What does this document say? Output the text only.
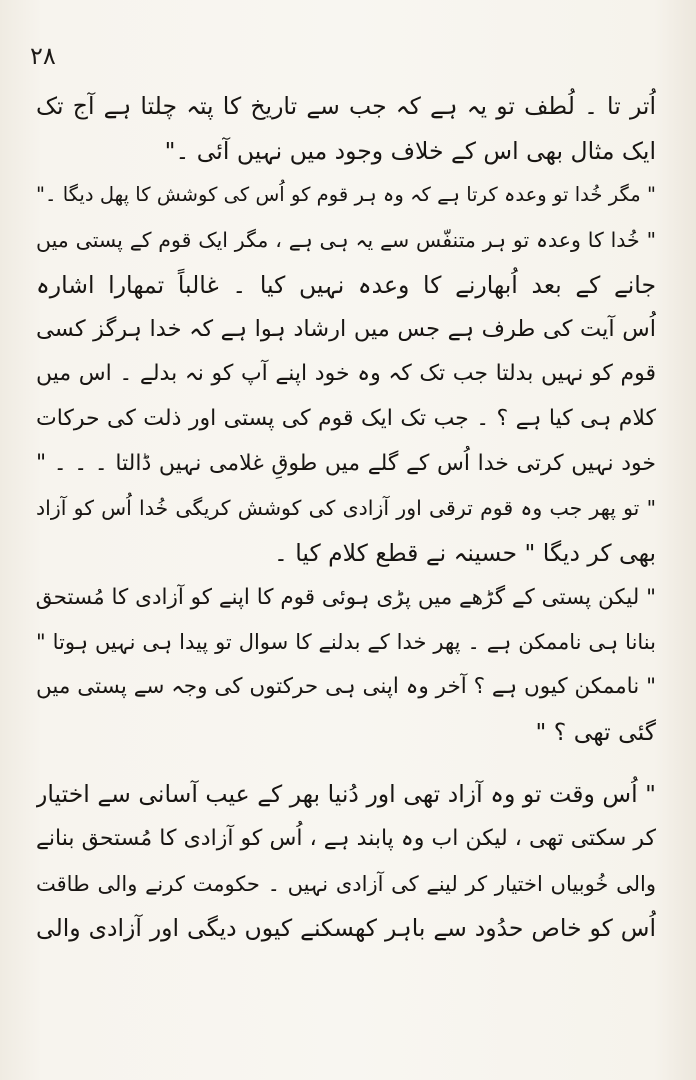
۲۸
اُتر تا ۔ لُطف تو یہ ہے کہ جب سے تاریخ کا پتہ چلتا ہے آج تک
ایک مثال بھی اس کے خلاف وجود میں نہیں آئی ۔"
" مگر خُدا تو وعدہ کرتا ہے کہ وہ ہر قوم کو اُس کی کوشش کا پھل دیگا ۔"
" خُدا کا وعدہ تو ہر متنفّس سے یہ ہی ہے ، مگر ایک قوم کے پستی میں
جانے کے بعد اُبھارنے کا وعدہ نہیں کیا ۔ غالباً تمھارا اشارہ
اُس آیت کی طرف ہے جس میں ارشاد ہوا ہے کہ خدا ہرگز کسی
قوم کو نہیں بدلتا جب تک کہ وہ خود اپنے آپ کو نہ بدلے ۔ اس میں
کلام ہی کیا ہے ؟ ۔ جب تک ایک قوم کی پستی اور ذلت کی حرکات
خود نہیں کرتی خدا اُس کے گلے میں طوقِ غلامی نہیں ڈالتا ۔ ۔ ۔ "
" تو پھر جب وہ قوم ترقی اور آزادی کی کوشش کریگی خُدا اُس کو آزاد
بھی کر دیگا " حسینہ نے قطع کلام کیا ۔
" لیکن پستی کے گڑھے میں پڑی ہوئی قوم کا اپنے کو آزادی کا مُستحق
بنانا ہی ناممکن ہے ۔ پھر خدا کے بدلنے کا سوال تو پیدا ہی نہیں ہوتا "
" ناممکن کیوں ہے ؟ آخر وہ اپنی ہی حرکتوں کی وجہ سے پستی میں
گئی تھی ؟ "
" اُس وقت تو وہ آزاد تھی اور دُنیا بھر کے عیب آسانی سے اختیار
کر سکتی تھی ، لیکن اب وہ پابند ہے ، اُس کو آزادی کا مُستحق بنانے
والی خُوبیاں اختیار کر لینے کی آزادی نہیں ۔ حکومت کرنے والی طاقت
اُس کو خاص حدُود سے باہر کھسکنے کیوں دیگی اور آزادی والی
